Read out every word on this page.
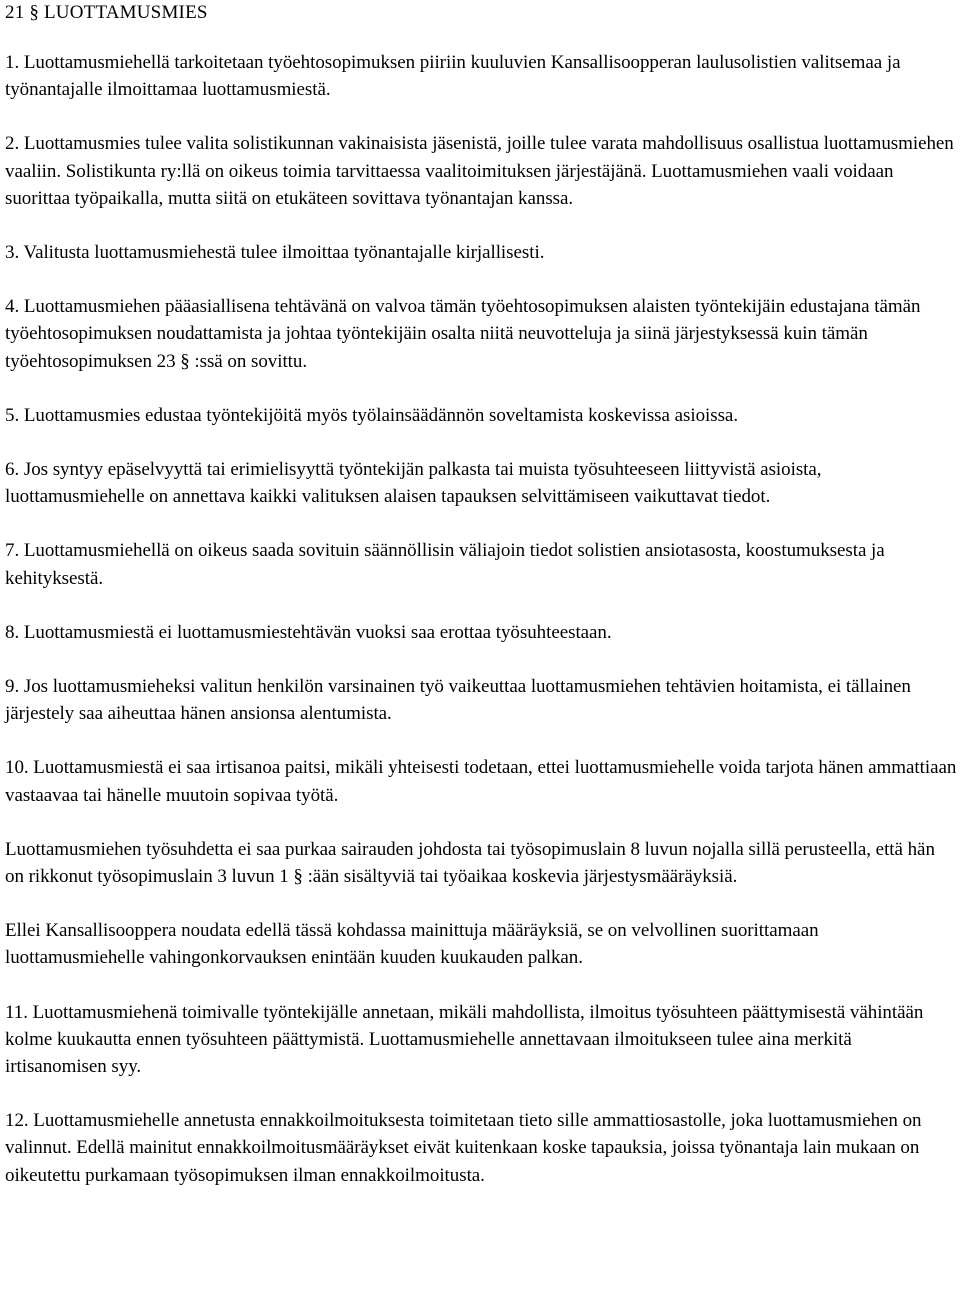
21 § LUOTTAMUSMIES

1. Luottamusmiehellä tarkoitetaan työehtosopimuksen piiriin kuuluvien Kansallisoopperan laulusolistien valitsemaa ja työnantajalle ilmoittamaa luottamusmiestä.

2. Luottamusmies tulee valita solistikunnan vakinaisista jäsenistä, joille tulee varata mahdollisuus osallistua luottamusmiehen vaaliin. Solistikunta ry:llä on oikeus toimia tarvittaessa vaalitoimituksen järjestäjänä. Luottamusmiehen vaali voidaan suorittaa työpaikalla, mutta siitä on etukäteen sovittava työnantajan kanssa.

3. Valitusta luottamusmiehestä tulee ilmoittaa työnantajalle kirjallisesti.

4. Luottamusmiehen pääasiallisena tehtävänä on valvoa tämän työehtosopimuksen alaisten työntekijäin edustajana tämän työehtosopimuksen noudattamista ja johtaa työntekijäin osalta niitä neuvotteluja ja siinä järjestyksessä kuin tämän työehtosopimuksen 23 § :ssä on sovittu.

5. Luottamusmies edustaa työntekijöitä myös työlainsäädännön soveltamista koskevissa asioissa.

6. Jos syntyy epäselvyyttä tai erimielisyyttä työntekijän palkasta tai muista työsuhteeseen liittyvistä asioista, luottamusmiehelle on annettava kaikki valituksen alaisen tapauksen selvittämiseen vaikuttavat tiedot.

7. Luottamusmiehellä on oikeus saada sovituin säännöllisin väliajoin tiedot solistien ansiotasosta, koostumuksesta ja kehityksestä.

8. Luottamusmiestä ei luottamusmiestehtävän vuoksi saa erottaa työsuhteestaan.

9. Jos luottamusmieheksi valitun henkilön varsinainen työ vaikeuttaa luottamusmiehen tehtävien hoitamista, ei tällainen järjestely saa aiheuttaa hänen ansionsa alentumista.

10. Luottamusmiestä ei saa irtisanoa paitsi, mikäli yhteisesti todetaan, ettei luottamusmiehelle voida tarjota hänen ammattiaan vastaavaa tai hänelle muutoin sopivaa työtä.

Luottamusmiehen työsuhdetta ei saa purkaa sairauden johdosta tai työsopimuslain 8 luvun nojalla sillä perusteella, että hän on rikkonut työsopimuslain 3 luvun 1 § :ään sisältyviä tai työaikaa koskevia järjestysmääräyksiä.

Ellei Kansallisooppera noudata edellä tässä kohdassa mainittuja määräyksiä, se on velvollinen suorittamaan luottamusmiehelle vahingonkorvauksen enintään kuuden kuukauden palkan.

11. Luottamusmiehenä toimivalle työntekijälle annetaan, mikäli mahdollista, ilmoitus työsuhteen päättymisestä vähintään kolme kuukautta ennen työsuhteen päättymistä. Luottamusmiehelle annettavaan ilmoitukseen tulee aina merkitä irtisanomisen syy.

12. Luottamusmiehelle annetusta ennakkoilmoituksesta toimitetaan tieto sille ammattiosastolle, joka luottamusmiehen on valinnut. Edellä mainitut ennakkoilmoitusmääräykset eivät kuitenkaan koske tapauksia, joissa työnantaja lain mukaan on oikeutettu purkamaan työsopimuksen ilman ennakkoilmoitusta.
